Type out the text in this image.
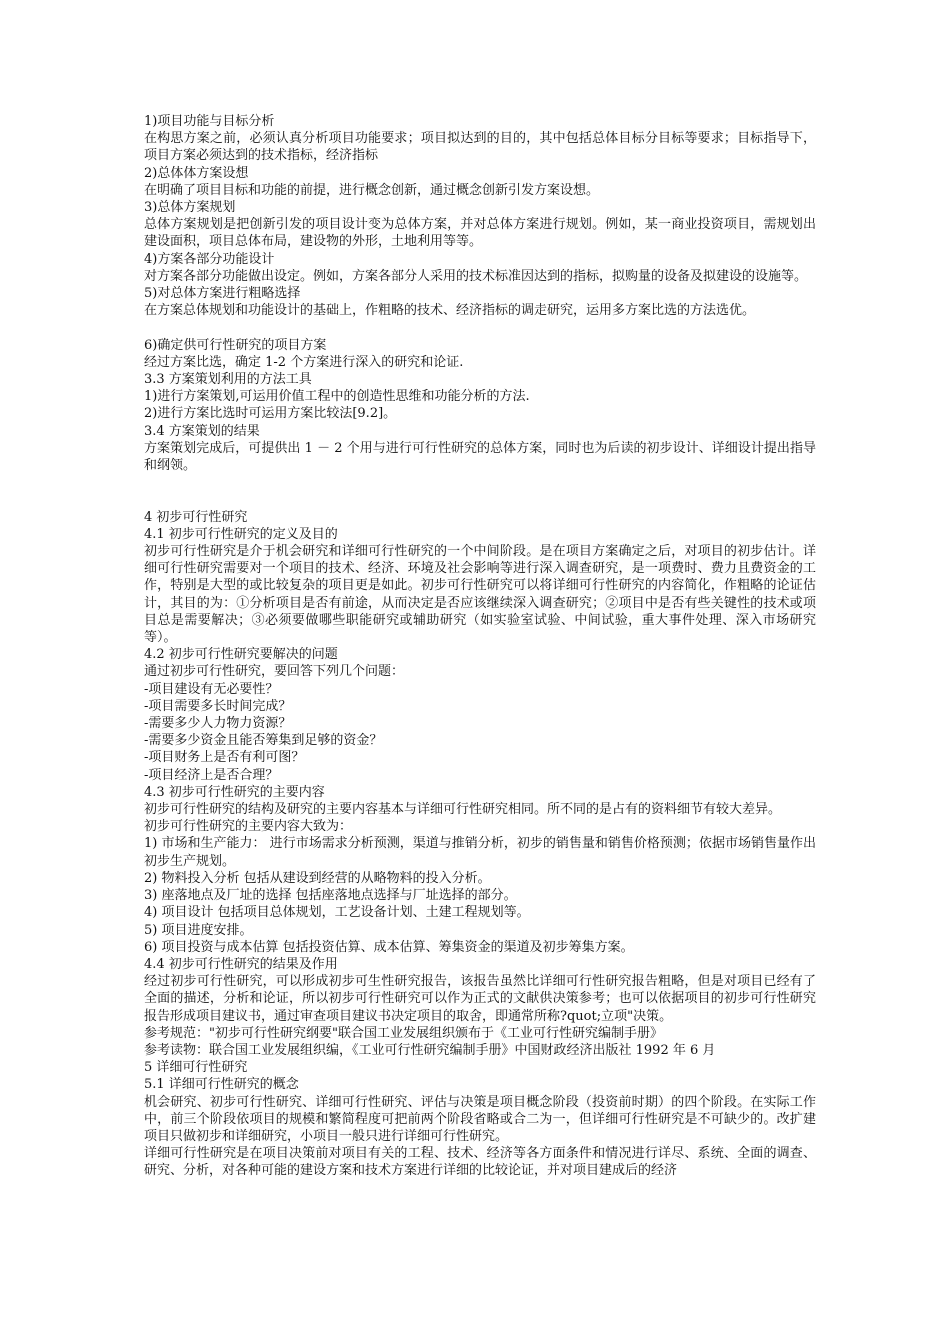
1)项目功能与目标分析

在构思方案之前，必须认真分析项目功能要求；项目拟达到的目的，其中包括总体目标分目标等要求；目标指导下，项目方案必须达到的技术指标，经济指标

2)总体体方案设想

在明确了项目目标和功能的前提，进行概念创新，通过概念创新引发方案设想。

3)总体方案规划

总体方案规划是把创新引发的项目设计变为总体方案，并对总体方案进行规划。例如，某一商业投资项目，需规划出建设面积，项目总体布局，建设物的外形，土地利用等等。

4)方案各部分功能设计

对方案各部分功能做出设定。例如，方案各部分人采用的技术标准因达到的指标，拟购量的设备及拟建设的设施等。

5)对总体方案进行粗略选择

在方案总体规划和功能设计的基础上，作粗略的技术、经济指标的调走研究，运用多方案比选的方法选优。

6)确定供可行性研究的项目方案

经过方案比选，确定 1-2 个方案进行深入的研究和论证.

3.3 方案策划利用的方法工具

1)进行方案策划,可运用价值工程中的创造性思维和功能分析的方法.

2)进行方案比选时可运用方案比较法[9.2]。

3.4 方案策划的结果

方案策划完成后，可提供出 1 － 2 个用与进行可行性研究的总体方案，同时也为后读的初步设计、详细设计提出指导和纲领。

4 初步可行性研究

4.1 初步可行性研究的定义及目的

初步可行性研究是介于机会研究和详细可行性研究的一个中间阶段。是在项目方案确定之后，对项目的初步估计。详细可行性研究需要对一个项目的技术、经济、环境及社会影响等进行深入调查研究，是一项费时、费力且费资金的工作，特别是大型的或比较复杂的项目更是如此。初步可行性研究可以将详细可行性研究的内容简化，作粗略的论证估计，其目的为：①分析项目是否有前途，从而决定是否应该继续深入调查研究；②项目中是否有些关键性的技术或项目总是需要解决；③必须要做哪些职能研究或辅助研究（如实验室试验、中间试验，重大事件处理、深入市场研究等）。

4.2 初步可行性研究要解决的问题

通过初步可行性研究，要回答下列几个问题：

-项目建设有无必要性？

-项目需要多长时间完成？

-需要多少人力物力资源？

-需要多少资金且能否筹集到足够的资金？

-项目财务上是否有利可图？

-项目经济上是否合理？

4.3 初步可行性研究的主要内容

初步可行性研究的结构及研究的主要内容基本与详细可行性研究相同。所不同的是占有的资料细节有较大差异。

初步可行性研究的主要内容大致为：

1) 市场和生产能力： 进行市场需求分析预测，渠道与推销分析，初步的销售量和销售价格预测；依据市场销售量作出初步生产规划。

2) 物料投入分析 包括从建设到经营的从略物料的投入分析。

3) 座落地点及厂址的选择 包括座落地点选择与厂址选择的部分。

4) 项目设计 包括项目总体规划，工艺设备计划、土建工程规划等。

5) 项目进度安排。

6) 项目投资与成本估算 包括投资估算、成本估算、筹集资金的渠道及初步筹集方案。

4.4 初步可行性研究的结果及作用

经过初步可行性研究，可以形成初步可生性研究报告，该报告虽然比详细可行性研究报告粗略，但是对项目已经有了全面的描述，分析和论证，所以初步可行性研究可以作为正式的文献供决策参考；也可以依据项目的初步可行性研究报告形成项目建议书，通过审查项目建议书决定项目的取舍，即通常所称?quot;立项"决策。

参考规范："初步可行性研究纲要"联合国工业发展组织颁布于《工业可行性研究编制手册》

参考读物：联合国工业发展组织编，《工业可行性研究编制手册》中国财政经济出版社 1992 年 6 月

5 详细可行性研究

5.1 详细可行性研究的概念

机会研究、初步可行性研究、详细可行性研究、评估与决策是项目概念阶段（投资前时期）的四个阶段。在实际工作中，前三个阶段依项目的规模和繁简程度可把前两个阶段省略或合二为一，但详细可行性研究是不可缺少的。改扩建项目只做初步和详细研究，小项目一般只进行详细可行性研究。

详细可行性研究是在项目决策前对项目有关的工程、技术、经济等各方面条件和情况进行详尽、系统、全面的调查、研究、分析，对各种可能的建设方案和技术方案进行详细的比较论证，并对项目建成后的经济
